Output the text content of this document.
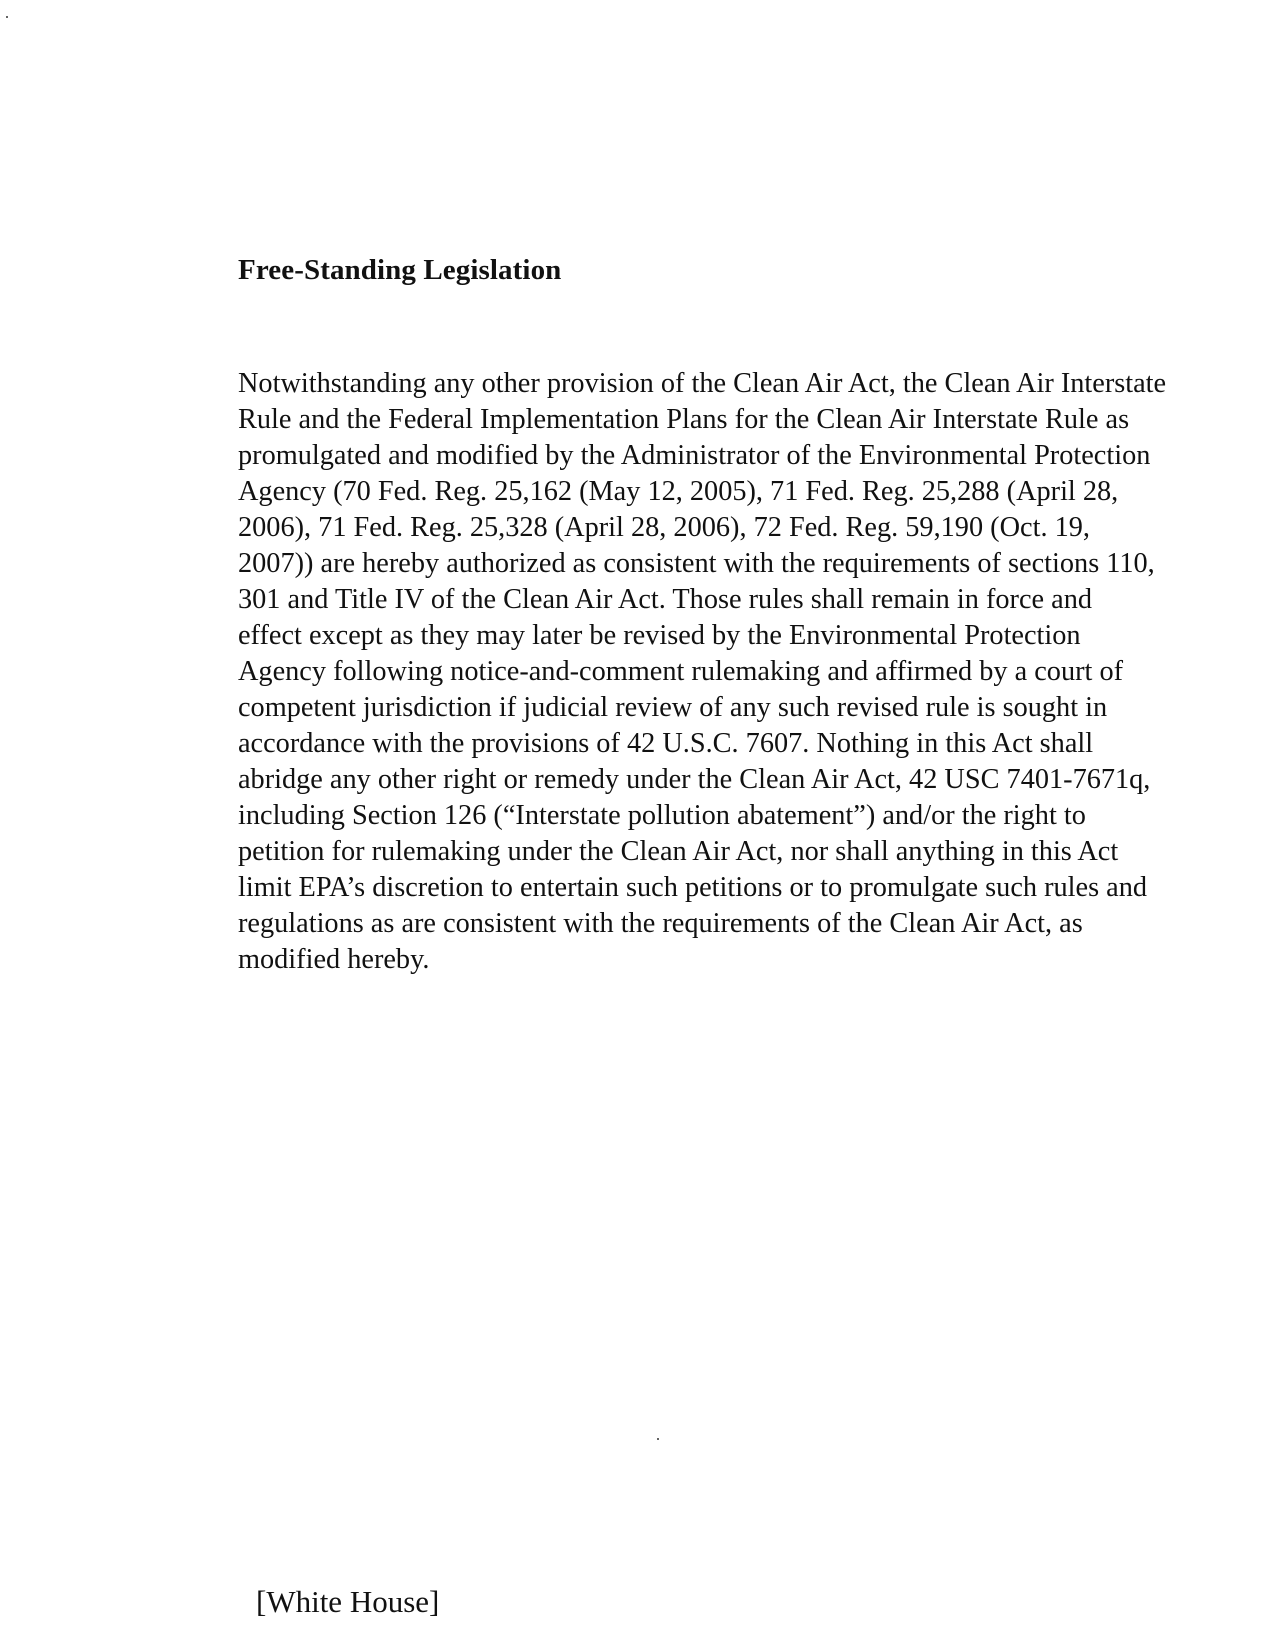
Free-Standing Legislation
Notwithstanding any other provision of the Clean Air Act, the Clean Air Interstate
Rule and the Federal Implementation Plans for the Clean Air Interstate Rule as
promulgated and modified by the Administrator of the Environmental Protection
Agency (70 Fed. Reg. 25,162 (May 12, 2005), 71 Fed. Reg. 25,288 (April 28,
2006), 71 Fed. Reg. 25,328 (April 28, 2006), 72 Fed. Reg. 59,190 (Oct. 19,
2007)) are hereby authorized as consistent with the requirements of sections 110,
301 and Title IV of the Clean Air Act. Those rules shall remain in force and
effect except as they may later be revised by the Environmental Protection
Agency following notice-and-comment rulemaking and affirmed by a court of
competent jurisdiction if judicial review of any such revised rule is sought in
accordance with the provisions of 42 U.S.C. 7607. Nothing in this Act shall
abridge any other right or remedy under the Clean Air Act, 42 USC 7401-7671q,
including Section 126 (“Interstate pollution abatement”) and/or the right to
petition for rulemaking under the Clean Air Act, nor shall anything in this Act
limit EPA’s discretion to entertain such petitions or to promulgate such rules and
regulations as are consistent with the requirements of the Clean Air Act, as
modified hereby.
[White House]
